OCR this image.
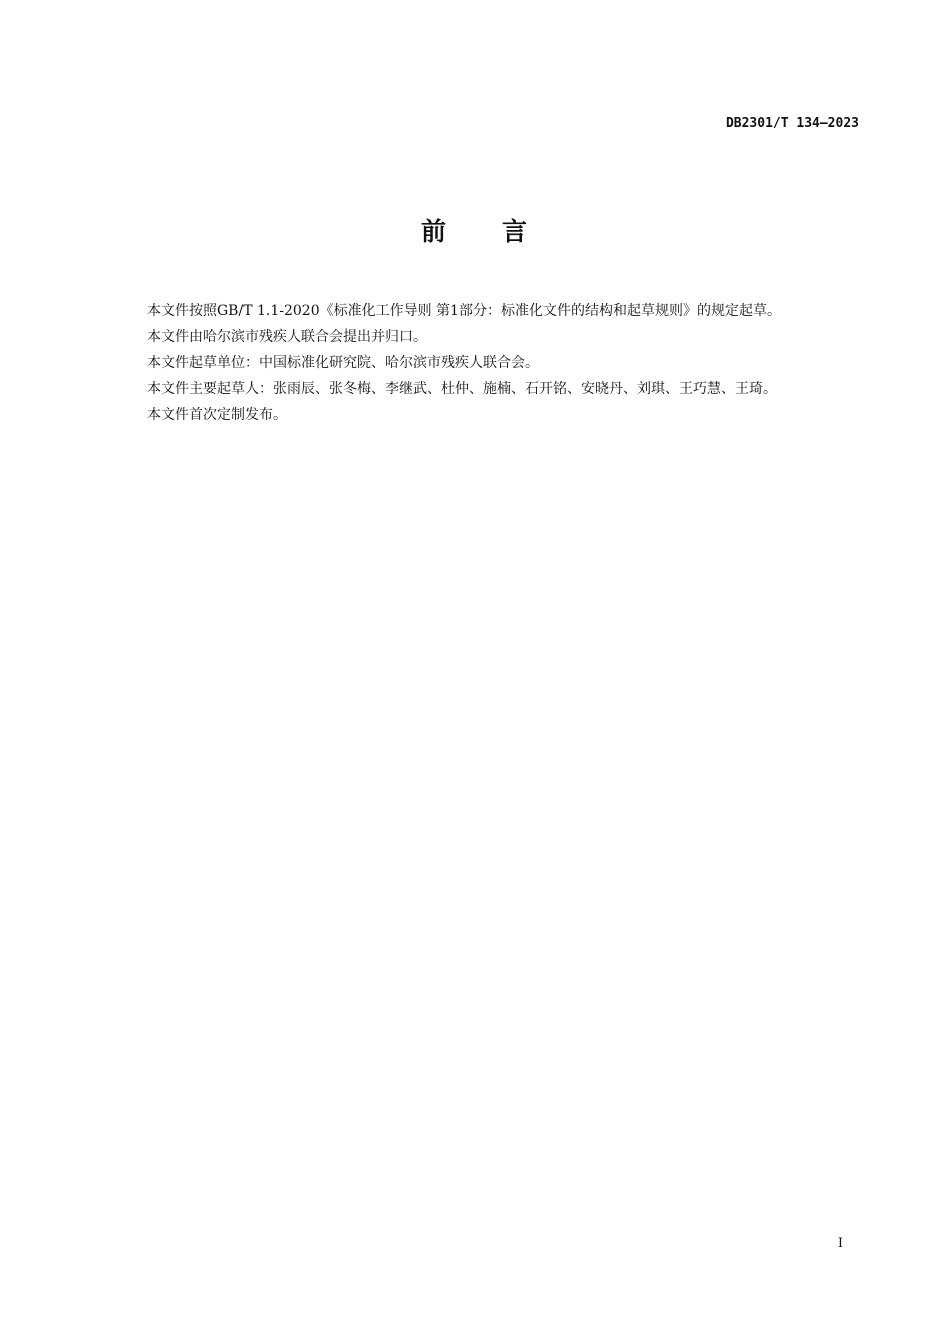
DB2301/T 134—2023
前　　言

本文件按照GB/T 1.1-2020《标准化工作导则 第1部分：标准化文件的结构和起草规则》的规定起草。

本文件由哈尔滨市残疾人联合会提出并归口。

本文件起草单位：中国标准化研究院、哈尔滨市残疾人联合会。

本文件主要起草人：张雨辰、张冬梅、李继武、杜仲、施楠、石开铭、安晓丹、刘琪、王巧慧、王琦。

本文件首次定制发布。

I
